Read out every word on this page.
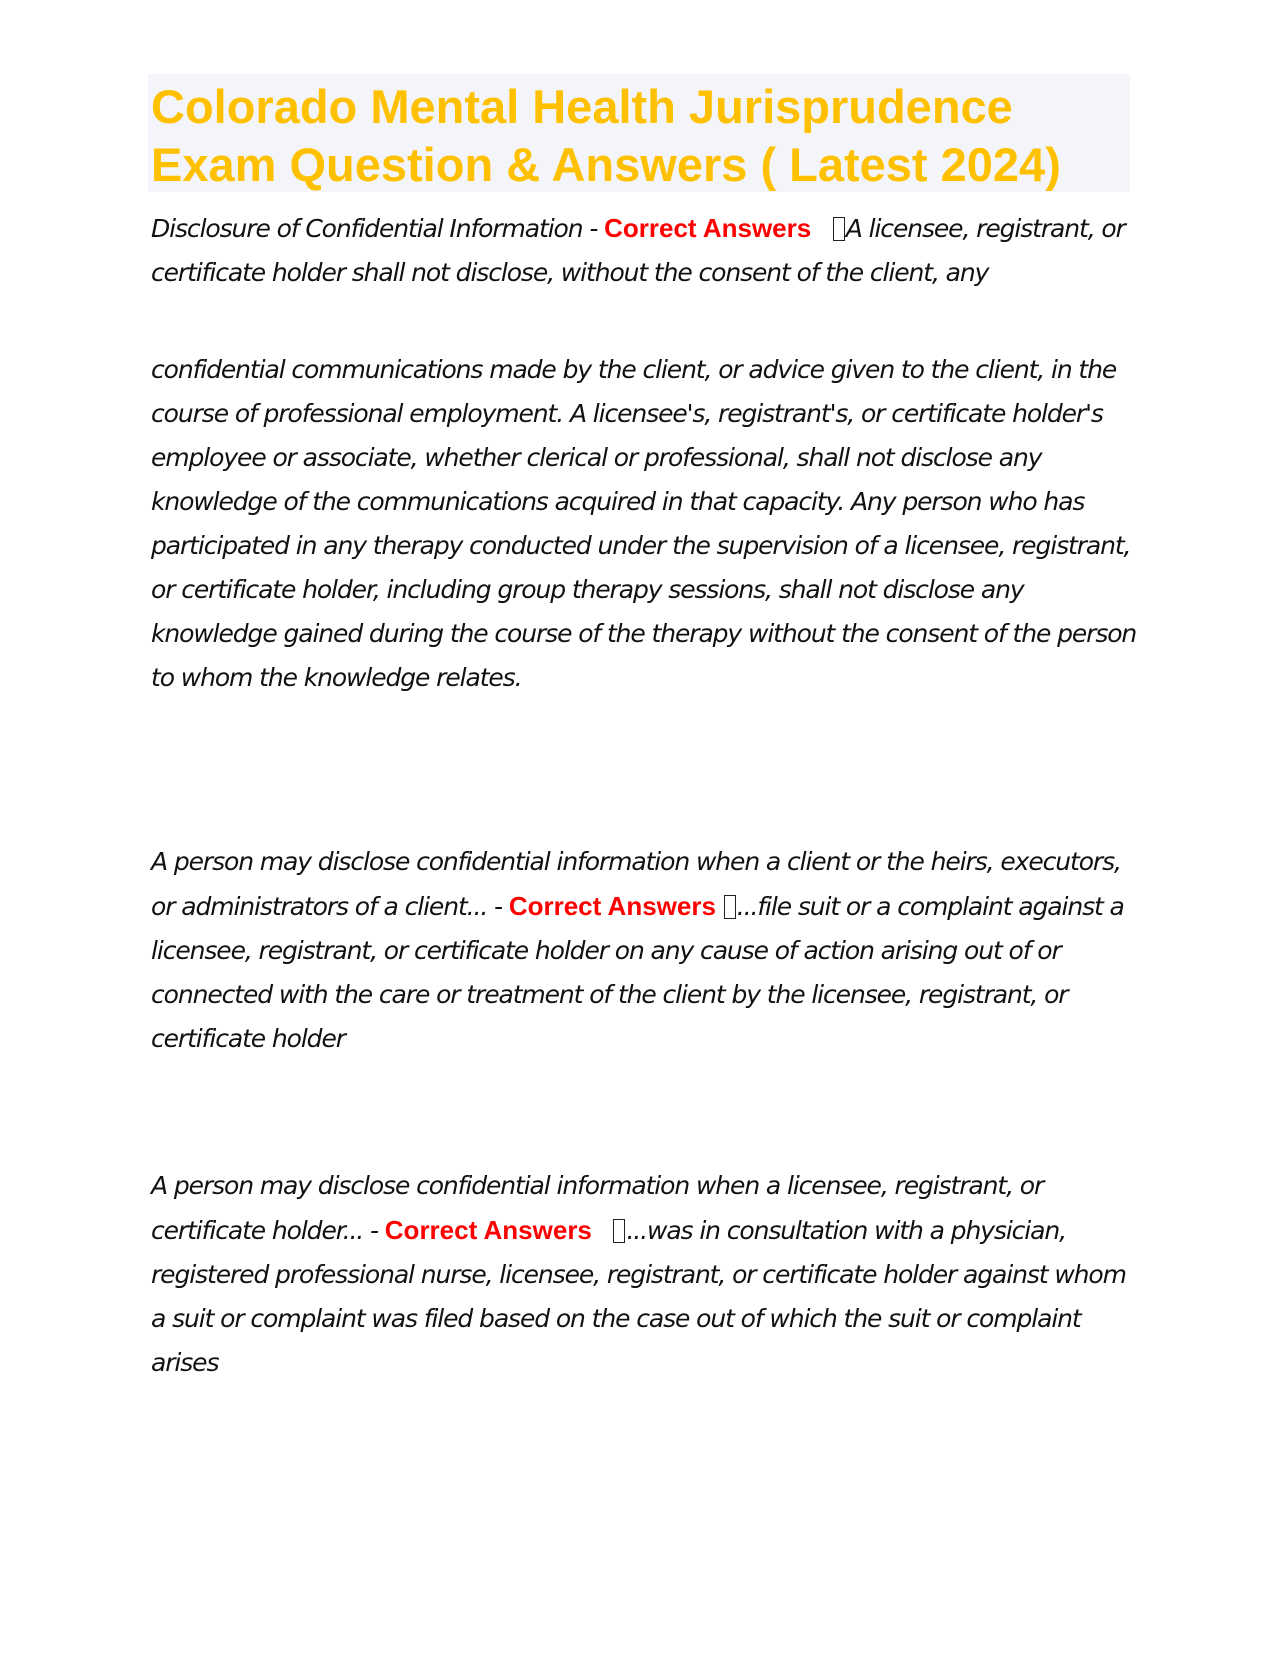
Colorado Mental Health Jurisprudence Exam Question & Answers ( Latest 2024)

Disclosure of Confidential Information - Correct Answers A licensee, registrant, or certificate holder shall not disclose, without the consent of the client, any

confidential communications made by the client, or advice given to the client, in the course of professional employment. A licensee's, registrant's, or certificate holder's employee or associate, whether clerical or professional, shall not disclose any knowledge of the communications acquired in that capacity. Any person who has participated in any therapy conducted under the supervision of a licensee, registrant, or certificate holder, including group therapy sessions, shall not disclose any knowledge gained during the course of the therapy without the consent of the person to whom the knowledge relates.

A person may disclose confidential information when a client or the heirs, executors, or administrators of a client... - Correct Answers ...file suit or a complaint against a licensee, registrant, or certificate holder on any cause of action arising out of or connected with the care or treatment of the client by the licensee, registrant, or certificate holder

A person may disclose confidential information when a licensee, registrant, or certificate holder... - Correct Answers ...was in consultation with a physician, registered professional nurse, licensee, registrant, or certificate holder against whom a suit or complaint was filed based on the case out of which the suit or complaint arises
